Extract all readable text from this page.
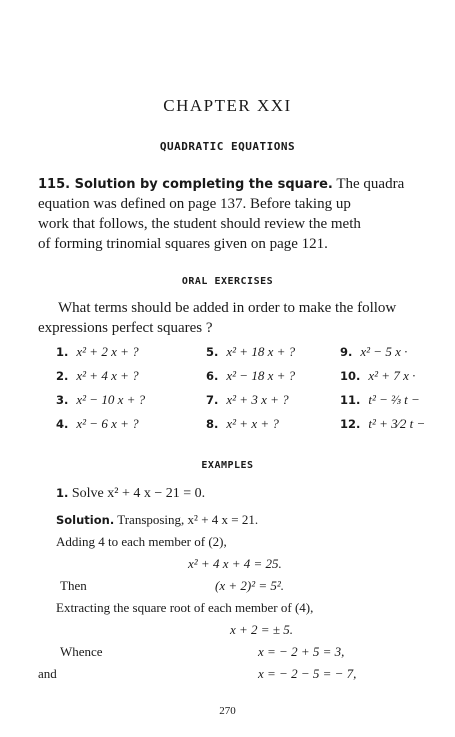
CHAPTER XXI
QUADRATIC EQUATIONS
115. Solution by completing the square. The quadra
equation was defined on page 137. Before taking up
work that follows, the student should review the meth
of forming trinomial squares given on page 121.
ORAL EXERCISES
What terms should be added in order to make the follow
expressions perfect squares ?
1. x² + 2 x + ?
2. x² + 4 x + ?
3. x² − 10 x + ?
4. x² − 6 x + ?
5. x² + 18 x + ?
6. x² − 18 x + ?
7. x² + 3 x + ?
8. x² + x + ?
9. x² − 5 x ·
10. x² + 7 x ·
11. t² − ⅔ t −
12. t² + 3⁄2 t −
EXAMPLES
1. Solve x² + 4 x − 21 = 0.
Solution. Transposing, x² + 4 x = 21.
Adding 4 to each member of (2),
x² + 4 x + 4 = 25.
Then	(x + 2)² = 5².
Extracting the square root of each member of (4),
x + 2 = ± 5.
Whence	x = − 2 + 5 = 3,
and	x = − 2 − 5 = − 7,
270
